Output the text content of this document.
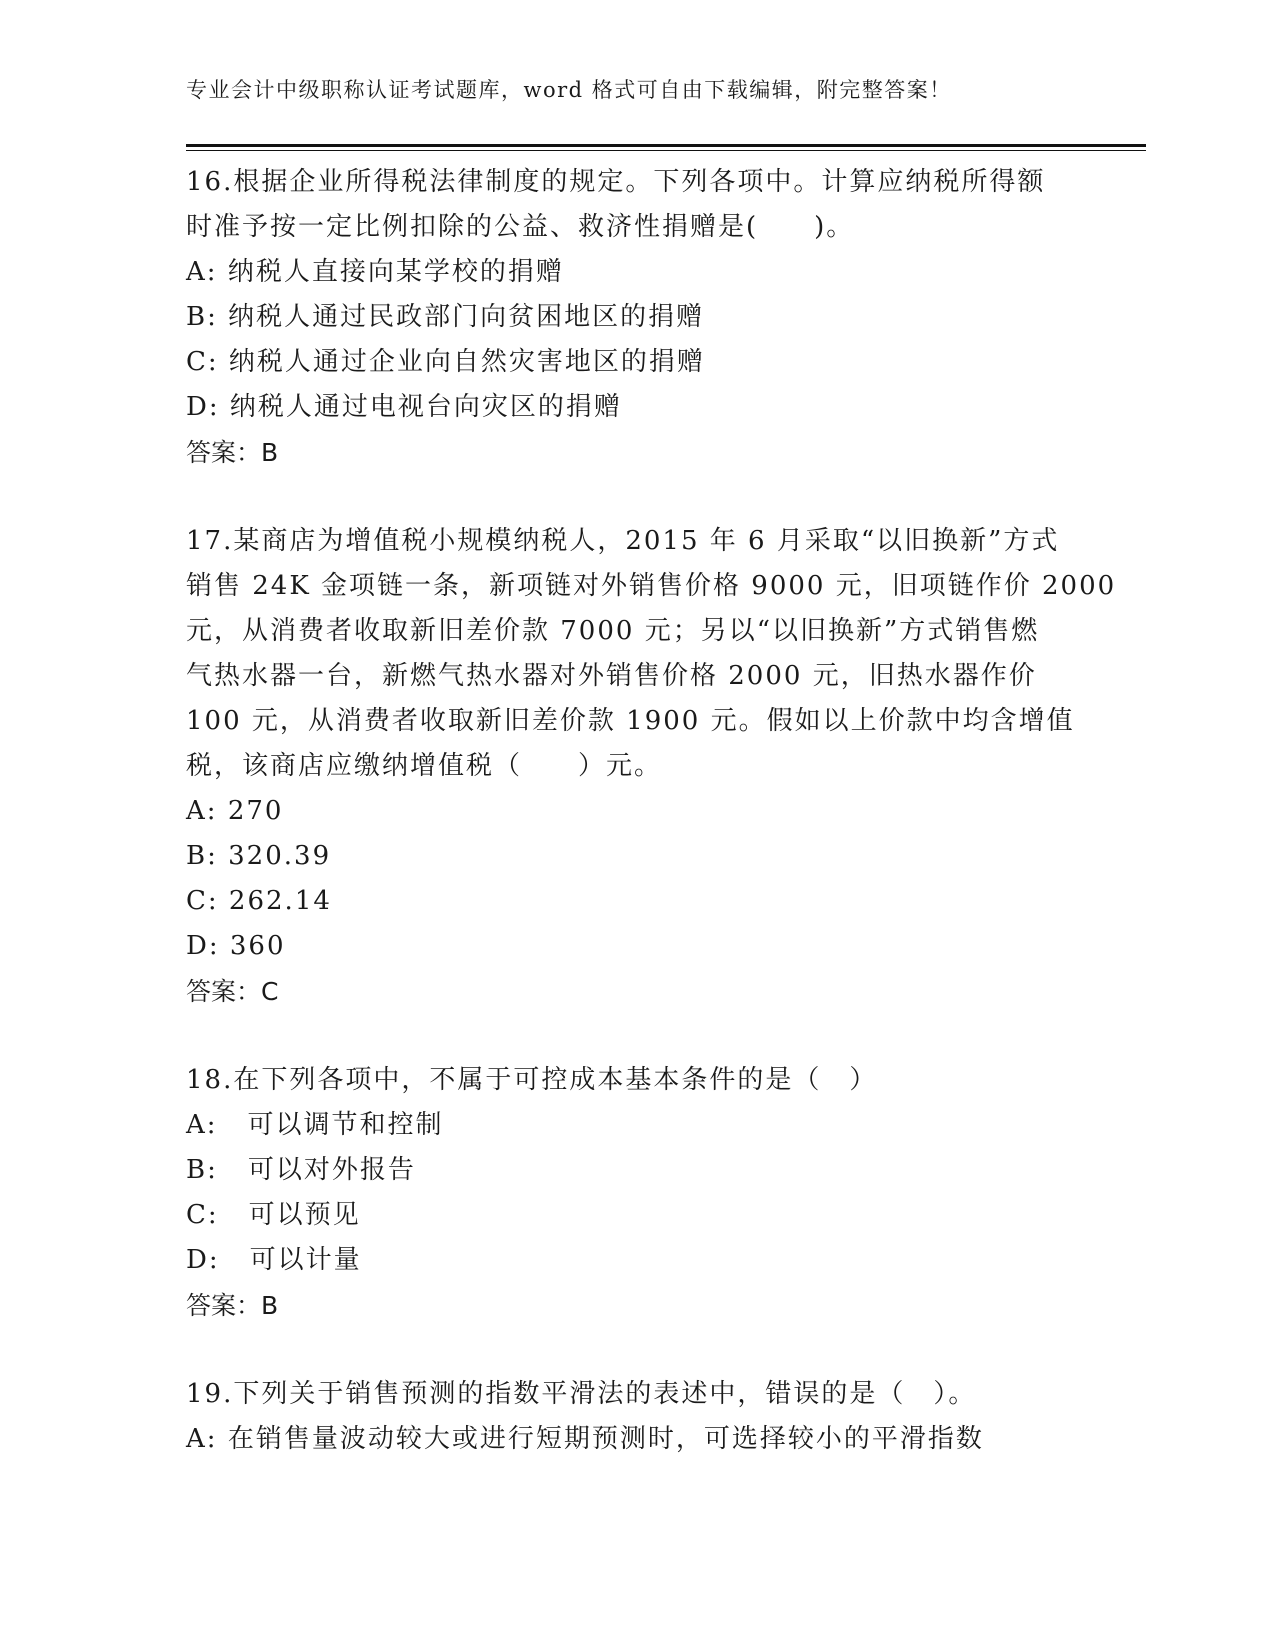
专业会计中级职称认证考试题库，word 格式可自由下载编辑，附完整答案！
16.根据企业所得税法律制度的规定。下列各项中。计算应纳税所得额
时准予按一定比例扣除的公益、救济性捐赠是(　　)。
A: 纳税人直接向某学校的捐赠
B: 纳税人通过民政部门向贫困地区的捐赠
C: 纳税人通过企业向自然灾害地区的捐赠
D: 纳税人通过电视台向灾区的捐赠
答案：B
17.某商店为增值税小规模纳税人，2015 年 6 月采取“以旧换新”方式
销售 24K 金项链一条，新项链对外销售价格 9000 元，旧项链作价 2000
元，从消费者收取新旧差价款 7000 元；另以“以旧换新”方式销售燃
气热水器一台，新燃气热水器对外销售价格 2000 元，旧热水器作价
100 元，从消费者收取新旧差价款 1900 元。假如以上价款中均含增值
税，该商店应缴纳增值税（　　）元。
A: 270
B: 320.39
C: 262.14
D: 360
答案：C
18.在下列各项中，不属于可控成本基本条件的是（　）
A: 可以调节和控制
B: 可以对外报告
C: 可以预见
D: 可以计量
答案：B
19.下列关于销售预测的指数平滑法的表述中，错误的是（　）。
A: 在销售量波动较大或进行短期预测时，可选择较小的平滑指数
